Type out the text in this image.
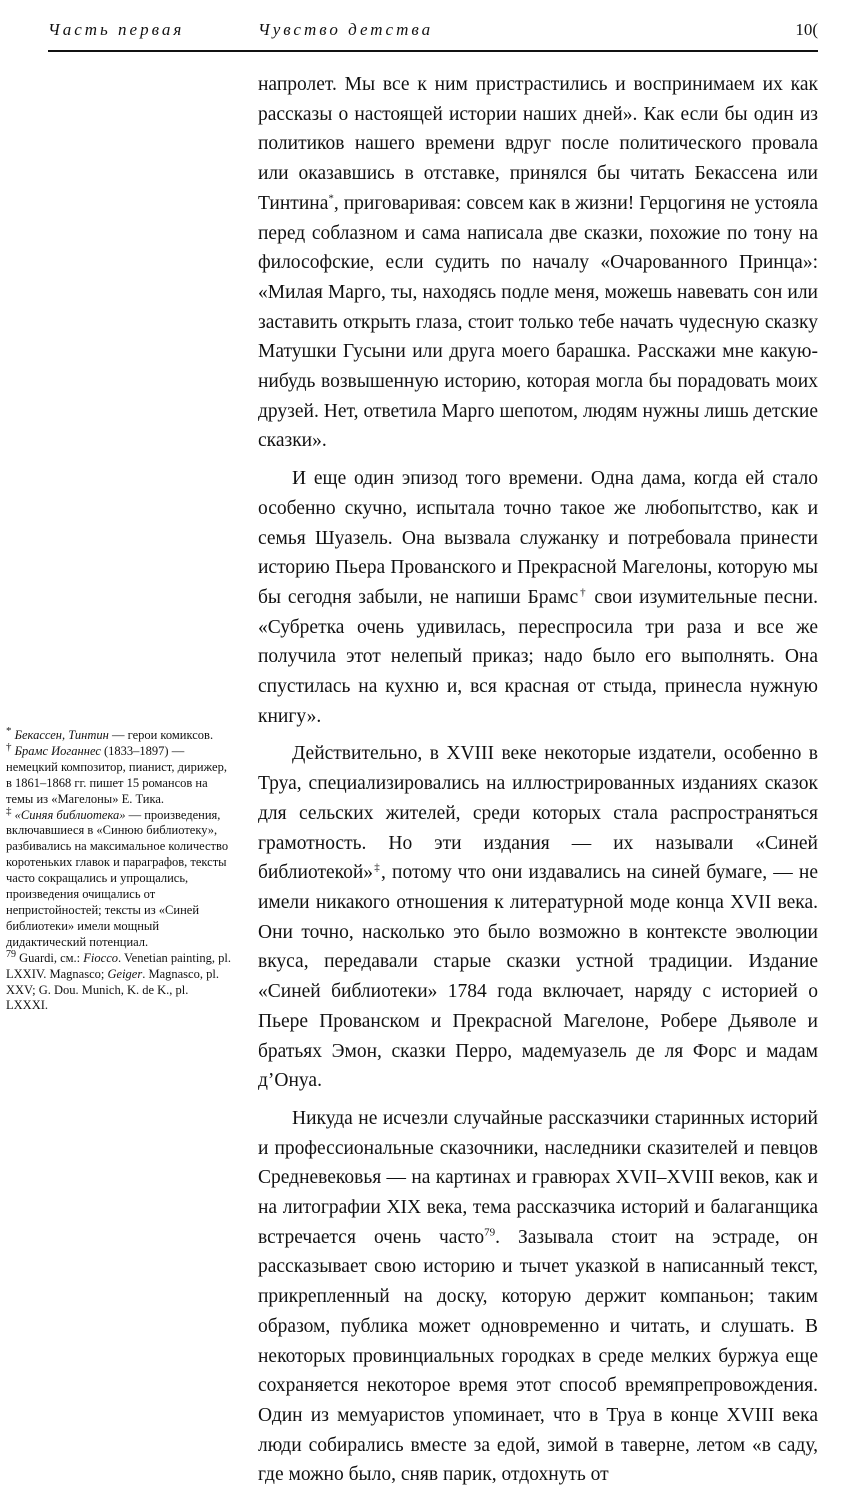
Часть первая	Чувство детства	10(

напролет. Мы все к ним пристрастились и воспринимаем их как рассказы о настоящей истории наших дней». Как если бы один из политиков нашего времени вдруг после политического провала или оказавшись в отставке, принялся бы читать Бекассена или Тинтина*, приговаривая: совсем как в жизни! Герцогиня не устояла перед соблазном и сама написала две сказки, похожие по тону на философские, если судить по началу «Очарованного Принца»: «Милая Марго, ты, находясь подле меня, можешь навевать сон или заставить открыть глаза, стоит только тебе начать чудесную сказку Матушки Гусыни или друга моего барашка. Расскажи мне какую-нибудь возвышенную историю, которая могла бы порадовать моих друзей. Нет, ответила Марго шепотом, людям нужны лишь детские сказки».

И еще один эпизод того времени. Одна дама, когда ей стало особенно скучно, испытала точно такое же любопытство, как и семья Шуазель. Она вызвала служанку и потребовала принести историю Пьера Прованского и Прекрасной Магелоны, которую мы бы сегодня забыли, не напиши Брамс† свои изумительные песни. «Субретка очень удивилась, переспросила три раза и все же получила этот нелепый приказ; надо было его выполнять. Она спустилась на кухню и, вся красная от стыда, принесла нужную книгу».

Действительно, в XVIII веке некоторые издатели, особенно в Труа, специализировались на иллюстрированных изданиях сказок для сельских жителей, среди которых стала распространяться грамотность. Но эти издания — их называли «Синей библиотекой»‡, потому что они издавались на синей бумаге, — не имели никакого отношения к литературной моде конца XVII века. Они точно, насколько это было возможно в контексте эволюции вкуса, передавали старые сказки устной традиции. Издание «Синей библиотеки» 1784 года включает, наряду с историей о Пьере Прованском и Прекрасной Магелоне, Робере Дьяволе и братьях Эмон, сказки Перро, мадемуазель де ля Форс и мадам д’Онуа.

Никуда не исчезли случайные рассказчики старинных историй и профессиональные сказочники, наследники сказителей и певцов Средневековья — на картинах и гравюрах XVII–XVIII веков, как и на литографии XIX века, тема рассказчика историй и балаганщика встречается очень часто$^{79}$. Зазывала стоит на эстраде, он рассказывает свою историю и тычет указкой в написанный текст, прикрепленный на доску, которую держит компаньон; таким образом, публика может одновременно и читать, и слушать. В некоторых провинциальных городках в среде мелких буржуа еще сохраняется некоторое время этот способ времяпрепровождения. Один из мемуаристов упоминает, что в Труа в конце XVIII века люди собирались вместе за едой, зимой в таверне, летом «в саду, где можно было, сняв парик, отдохнуть от

* Бекассен, Тинтин — герои комиксов.

† Брамс Иоганнес (1833–1897) — немецкий композитор, пианист, дирижер, в 1861–1868 гг. пишет 15 романсов на темы из «Магелоны» Е. Тика.

‡ «Синяя библиотека» — произведения, включавшиеся в «Синюю библиотеку», разбивались на максимальное количество коротеньких главок и параграфов, тексты часто сокращались и упрощались, произведения очищались от непристойностей; тексты из «Синей библиотеки» имели мощный дидактический потенциал.

$^{79}$ Guardi, см.: Fiocco. Venetian painting, pl. LXXIV. Magnasco; Geiger. Magnasco, pl. XXV; G. Dou. Munich, K. de K., pl. LXXXI.
